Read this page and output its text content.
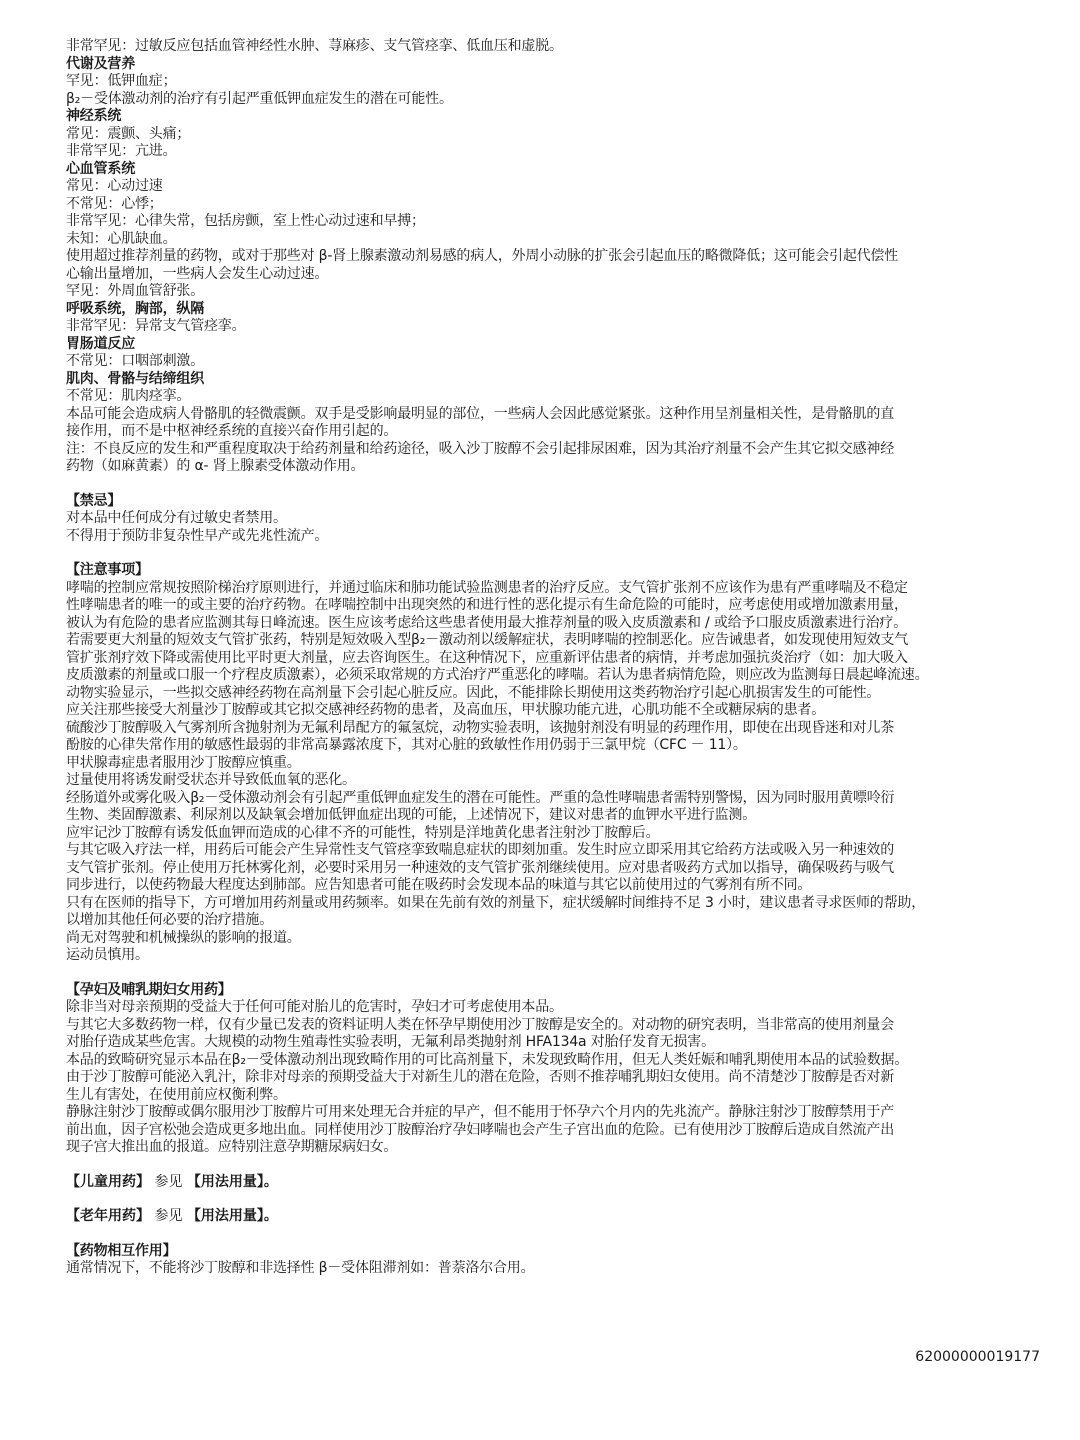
非常罕见：过敏反应包括血管神经性水肿、荨麻疹、支气管痉挛、低血压和虚脱。
代谢及营养
罕见：低钾血症；
β₂－受体激动剂的治疗有引起严重低钾血症发生的潜在可能性。
神经系统
常见：震颤、头痛；
非常罕见：亢进。
心血管系统
常见：心动过速
不常见：心悸；
非常罕见：心律失常，包括房颤，室上性心动过速和早搏；
未知：心肌缺血。
使用超过推荐剂量的药物，或对于那些对 β-肾上腺素激动剂易感的病人，外周小动脉的扩张会引起血压的略微降低；这可能会引起代偿性
心输出量增加，一些病人会发生心动过速。
罕见：外周血管舒张。
呼吸系统，胸部，纵隔
非常罕见：异常支气管痉挛。
胃肠道反应
不常见：口咽部刺激。
肌肉、骨骼与结缔组织
不常见：肌肉痉挛。
本品可能会造成病人骨骼肌的轻微震颤。双手是受影响最明显的部位，一些病人会因此感觉紧张。这种作用呈剂量相关性，是骨骼肌的直
接作用，而不是中枢神经系统的直接兴奋作用引起的。
注：不良反应的发生和严重程度取决于给药剂量和给药途径，吸入沙丁胺醇不会引起排尿困难，因为其治疗剂量不会产生其它拟交感神经
药物（如麻黄素）的 α- 肾上腺素受体激动作用。
【禁忌】
对本品中任何成分有过敏史者禁用。
不得用于预防非复杂性早产或先兆性流产。
【注意事项】
哮喘的控制应常规按照阶梯治疗原则进行，并通过临床和肺功能试验监测患者的治疗反应。支气管扩张剂不应该作为患有严重哮喘及不稳定
性哮喘患者的唯一的或主要的治疗药物。在哮喘控制中出现突然的和进行性的恶化提示有生命危险的可能时，应考虑使用或增加激素用量，
被认为有危险的患者应监测其每日峰流速。医生应该考虑给这些患者使用最大推荐剂量的吸入皮质激素和 / 或给予口服皮质激素进行治疗。
若需要更大剂量的短效支气管扩张药，特别是短效吸入型β₂－激动剂以缓解症状，表明哮喘的控制恶化。应告诫患者，如发现使用短效支气
管扩张剂疗效下降或需使用比平时更大剂量，应去咨询医生。在这种情况下，应重新评估患者的病情，并考虑加强抗炎治疗（如：加大吸入
皮质激素的剂量或口服一个疗程皮质激素），必须采取常规的方式治疗严重恶化的哮喘。若认为患者病情危险，则应改为监测每日晨起峰流速。
动物实验显示，一些拟交感神经药物在高剂量下会引起心脏反应。因此，不能排除长期使用这类药物治疗引起心肌损害发生的可能性。
应关注那些接受大剂量沙丁胺醇或其它拟交感神经药物的患者，及高血压，甲状腺功能亢进，心肌功能不全或糖尿病的患者。
硫酸沙丁胺醇吸入气雾剂所含抛射剂为无氟利昂配方的氟氢烷，动物实验表明，该抛射剂没有明显的药理作用，即使在出现昏迷和对儿茶
酚胺的心律失常作用的敏感性最弱的非常高暴露浓度下，其对心脏的致敏性作用仍弱于三氯甲烷（CFC － 11）。
甲状腺毒症患者服用沙丁胺醇应慎重。
过量使用将诱发耐受状态并导致低血氧的恶化。
经肠道外或雾化吸入β₂－受体激动剂会有引起严重低钾血症发生的潜在可能性。严重的急性哮喘患者需特别警惕，因为同时服用黄嘌呤衍
生物、类固醇激素、利尿剂以及缺氧会增加低钾血症出现的可能，上述情况下，建议对患者的血钾水平进行监测。
应牢记沙丁胺醇有诱发低血钾而造成的心律不齐的可能性，特别是洋地黄化患者注射沙丁胺醇后。
与其它吸入疗法一样，用药后可能会产生异常性支气管痉挛致喘息症状的即刻加重。发生时应立即采用其它给药方法或吸入另一种速效的
支气管扩张剂。停止使用万托林雾化剂，必要时采用另一种速效的支气管扩张剂继续使用。应对患者吸药方式加以指导，确保吸药与吸气
同步进行，以使药物最大程度达到肺部。应告知患者可能在吸药时会发现本品的味道与其它以前使用过的气雾剂有所不同。
只有在医师的指导下，方可增加用药剂量或用药频率。如果在先前有效的剂量下，症状缓解时间维持不足 3 小时，建议患者寻求医师的帮助，
以增加其他任何必要的治疗措施。
尚无对驾驶和机械操纵的影响的报道。
运动员慎用。
【孕妇及哺乳期妇女用药】
除非当对母亲预期的受益大于任何可能对胎儿的危害时，孕妇才可考虑使用本品。
与其它大多数药物一样，仅有少量已发表的资料证明人类在怀孕早期使用沙丁胺醇是安全的。对动物的研究表明，当非常高的使用剂量会
对胎仔造成某些危害。大规模的动物生殖毒性实验表明，无氟利昂类抛射剂 HFA134a 对胎仔发育无损害。
本品的致畸研究显示本品在β₂－受体激动剂出现致畸作用的可比高剂量下，未发现致畸作用，但无人类妊娠和哺乳期使用本品的试验数据。
由于沙丁胺醇可能泌入乳汁，除非对母亲的预期受益大于对新生儿的潜在危险，否则不推荐哺乳期妇女使用。尚不清楚沙丁胺醇是否对新
生儿有害处，在使用前应权衡利弊。
静脉注射沙丁胺醇或偶尔服用沙丁胺醇片可用来处理无合并症的早产，但不能用于怀孕六个月内的先兆流产。静脉注射沙丁胺醇禁用于产
前出血，因子宫松弛会造成更多地出血。同样使用沙丁胺醇治疗孕妇哮喘也会产生子宫出血的危险。已有使用沙丁胺醇后造成自然流产出
现子宫大推出血的报道。应特别注意孕期糖尿病妇女。
【儿童用药】 参见 【用法用量】。
【老年用药】 参见 【用法用量】。
【药物相互作用】
通常情况下，不能将沙丁胺醇和非选择性 β－受体阻滞剂如：普萘洛尔合用。
62000000019177
